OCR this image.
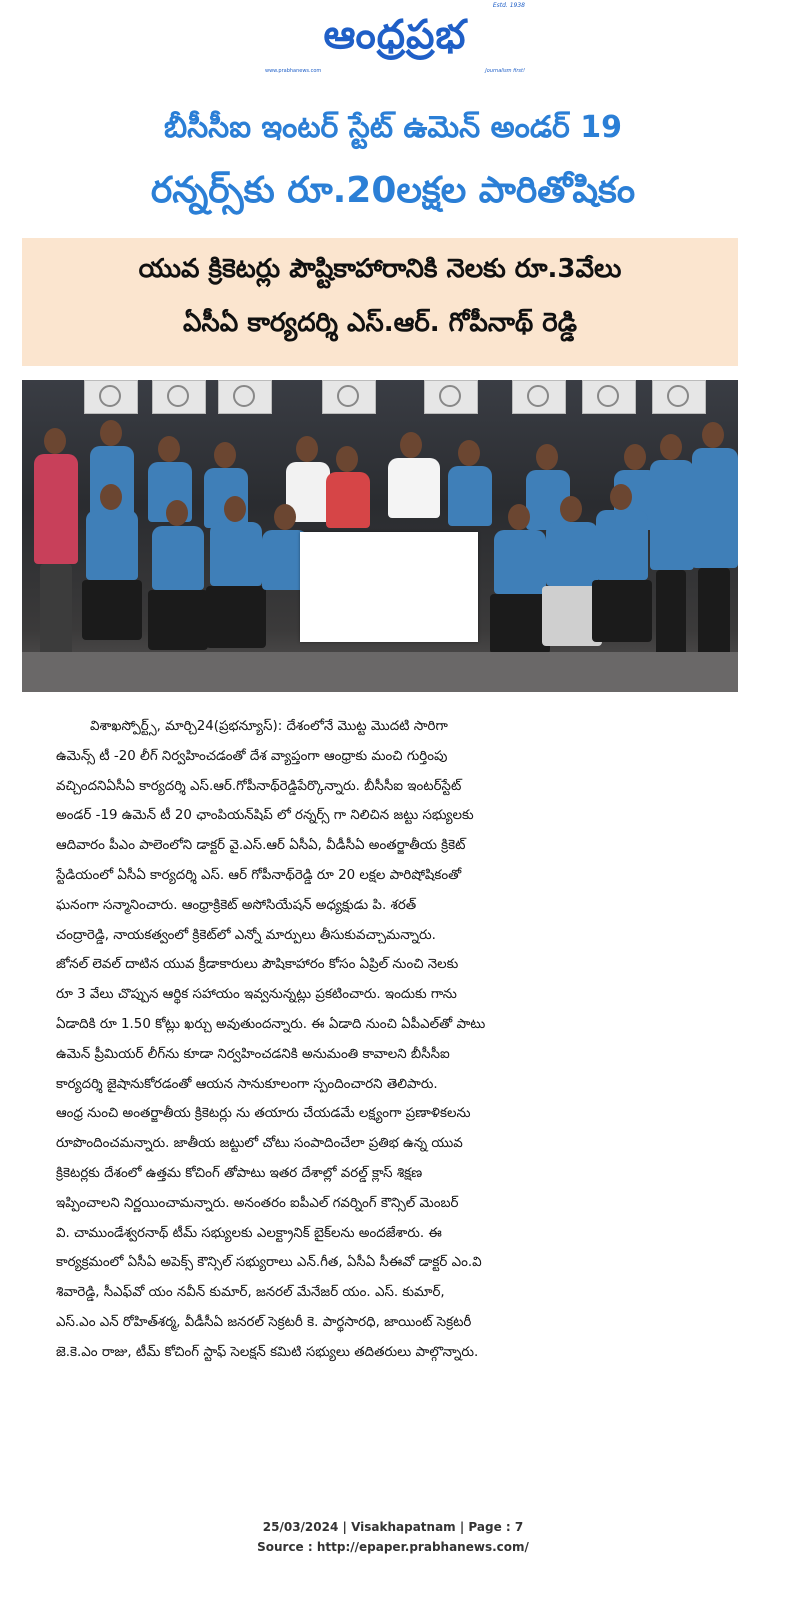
ఆంధ్రప్రభ
Estd. 1938
www.prabhanews.com	Journalism first!
బీసీసీఐ ఇంటర్ స్టేట్ ఉమెన్ అండర్ 19
రన్నర్స్‌కు రూ.20లక్షల పారితోషికం
యువ క్రికెటర్లు పౌష్టికాహారానికి నెలకు రూ.3వేలు
ఏసీఏ కార్యదర్శి ఎస్.ఆర్. గోపీనాథ్ రెడ్డి
విశాఖస్పోర్ట్స్, మార్చి24(ప్రభన్యూస్): దేశంలోనే మొట్ట మొదటి సారిగా
ఉమెన్స్ టీ -20 లీగ్ నిర్వహించడంతో దేశ వ్యాప్తంగా ఆంధ్రాకు మంచి గుర్తింపు
వచ్చిందనిఏసీఏ కార్యదర్శి ఎస్.ఆర్.గోపీనాథ్‌రెడ్డిపేర్కొన్నారు. బీసీసీఐ ఇంటర్‌స్టేట్
అండర్ -19 ఉమెన్ టీ 20 ఛాంపియన్‌షిప్ లో రన్నర్స్ గా నిలిచిన జట్టు సభ్యులకు
ఆదివారం పీఎం పాలెంలోని డాక్టర్ వై.ఎస్.ఆర్ ఏసీఏ, వీడీసీఏ అంతర్జాతీయ క్రికెట్
స్టేడియంలో ఏసీఏ కార్యదర్శి ఎస్. ఆర్ గోపీనాథ్‌రెడ్డి రూ 20 లక్షల పారిషోషికంతో
ఘనంగా సన్మానించారు. ఆంధ్రాక్రికెట్ అసోసియేషన్ అధ్యక్షుడు పి. శరత్
చంద్రారెడ్డి, నాయకత్వంలో క్రికెట్‌లో ఎన్నో మార్పులు తీసుకువచ్చామన్నారు.
జోనల్ లెవల్ దాటిన యువ క్రీడాకారులు పౌషికాహారం కోసం ఏప్రిల్ నుంచి నెలకు
రూ 3 వేలు చొప్పున ఆర్థిక సహాయం ఇవ్వనున్నట్లు ప్రకటించారు. ఇందుకు గాను
ఏడాదికి రూ 1.50 కోట్లు ఖర్చు అవుతుందన్నారు. ఈ ఏడాది నుంచి ఏపీఎల్‌తో పాటు
ఉమెన్ ప్రీమియర్ లీగ్‌ను కూడా నిర్వహించడనికి అనుమంతి కావాలని బీసీసీఐ
కార్యదర్శి జైషానుకోరడంతో ఆయన సానుకూలంగా స్పందించారని తెలిపారు.
ఆంధ్ర నుంచి అంతర్జాతీయ క్రికెటర్లు ను తయారు చేయడమే లక్ష్యంగా ప్రణాళికలను
రూపొందించమన్నారు. జాతీయ జట్టులో చోటు సంపాదించేలా ప్రతిభ ఉన్న యువ
క్రికెటర్లకు దేశంలో ఉత్తమ కోచింగ్ తోపాటు ఇతర దేశాల్లో వరల్డ్ క్లాస్ శిక్షణ
ఇప్పించాలని నిర్ణయించామన్నారు. అనంతరం ఐపీఎల్ గవర్నింగ్ కౌన్సిల్ మెంబర్
వి. చాముండేశ్వరనాథ్ టీమ్ సభ్యులకు ఎలక్ట్రానిక్ బైక్‌లను అందజేశారు. ఈ
కార్యక్రమంలో ఏసీఏ అపెక్స్ కౌన్సిల్ సభ్యురాలు ఎన్.గీత, ఏసీఏ సీఈవో డాక్టర్ ఎం.వి
శివారెడ్డి, సీఎఫ్‌వో యం నవీన్ కుమార్, జనరల్ మేనేజర్ యం. ఎస్. కుమార్,
ఎస్.ఎం ఎన్ రోహిత్‌శర్మ, వీడీసీఏ జనరల్ సెక్రటరీ కె. పార్థసారధి, జాయింట్ సెక్రటరీ
జె.కె.ఎం రాజు, టీమ్ కోచింగ్ స్టాఫ్ సెలక్షన్ కమిటి సభ్యులు తదితరులు పాల్గొన్నారు.
25/03/2024 | Visakhapatnam | Page : 7
Source : http://epaper.prabhanews.com/
